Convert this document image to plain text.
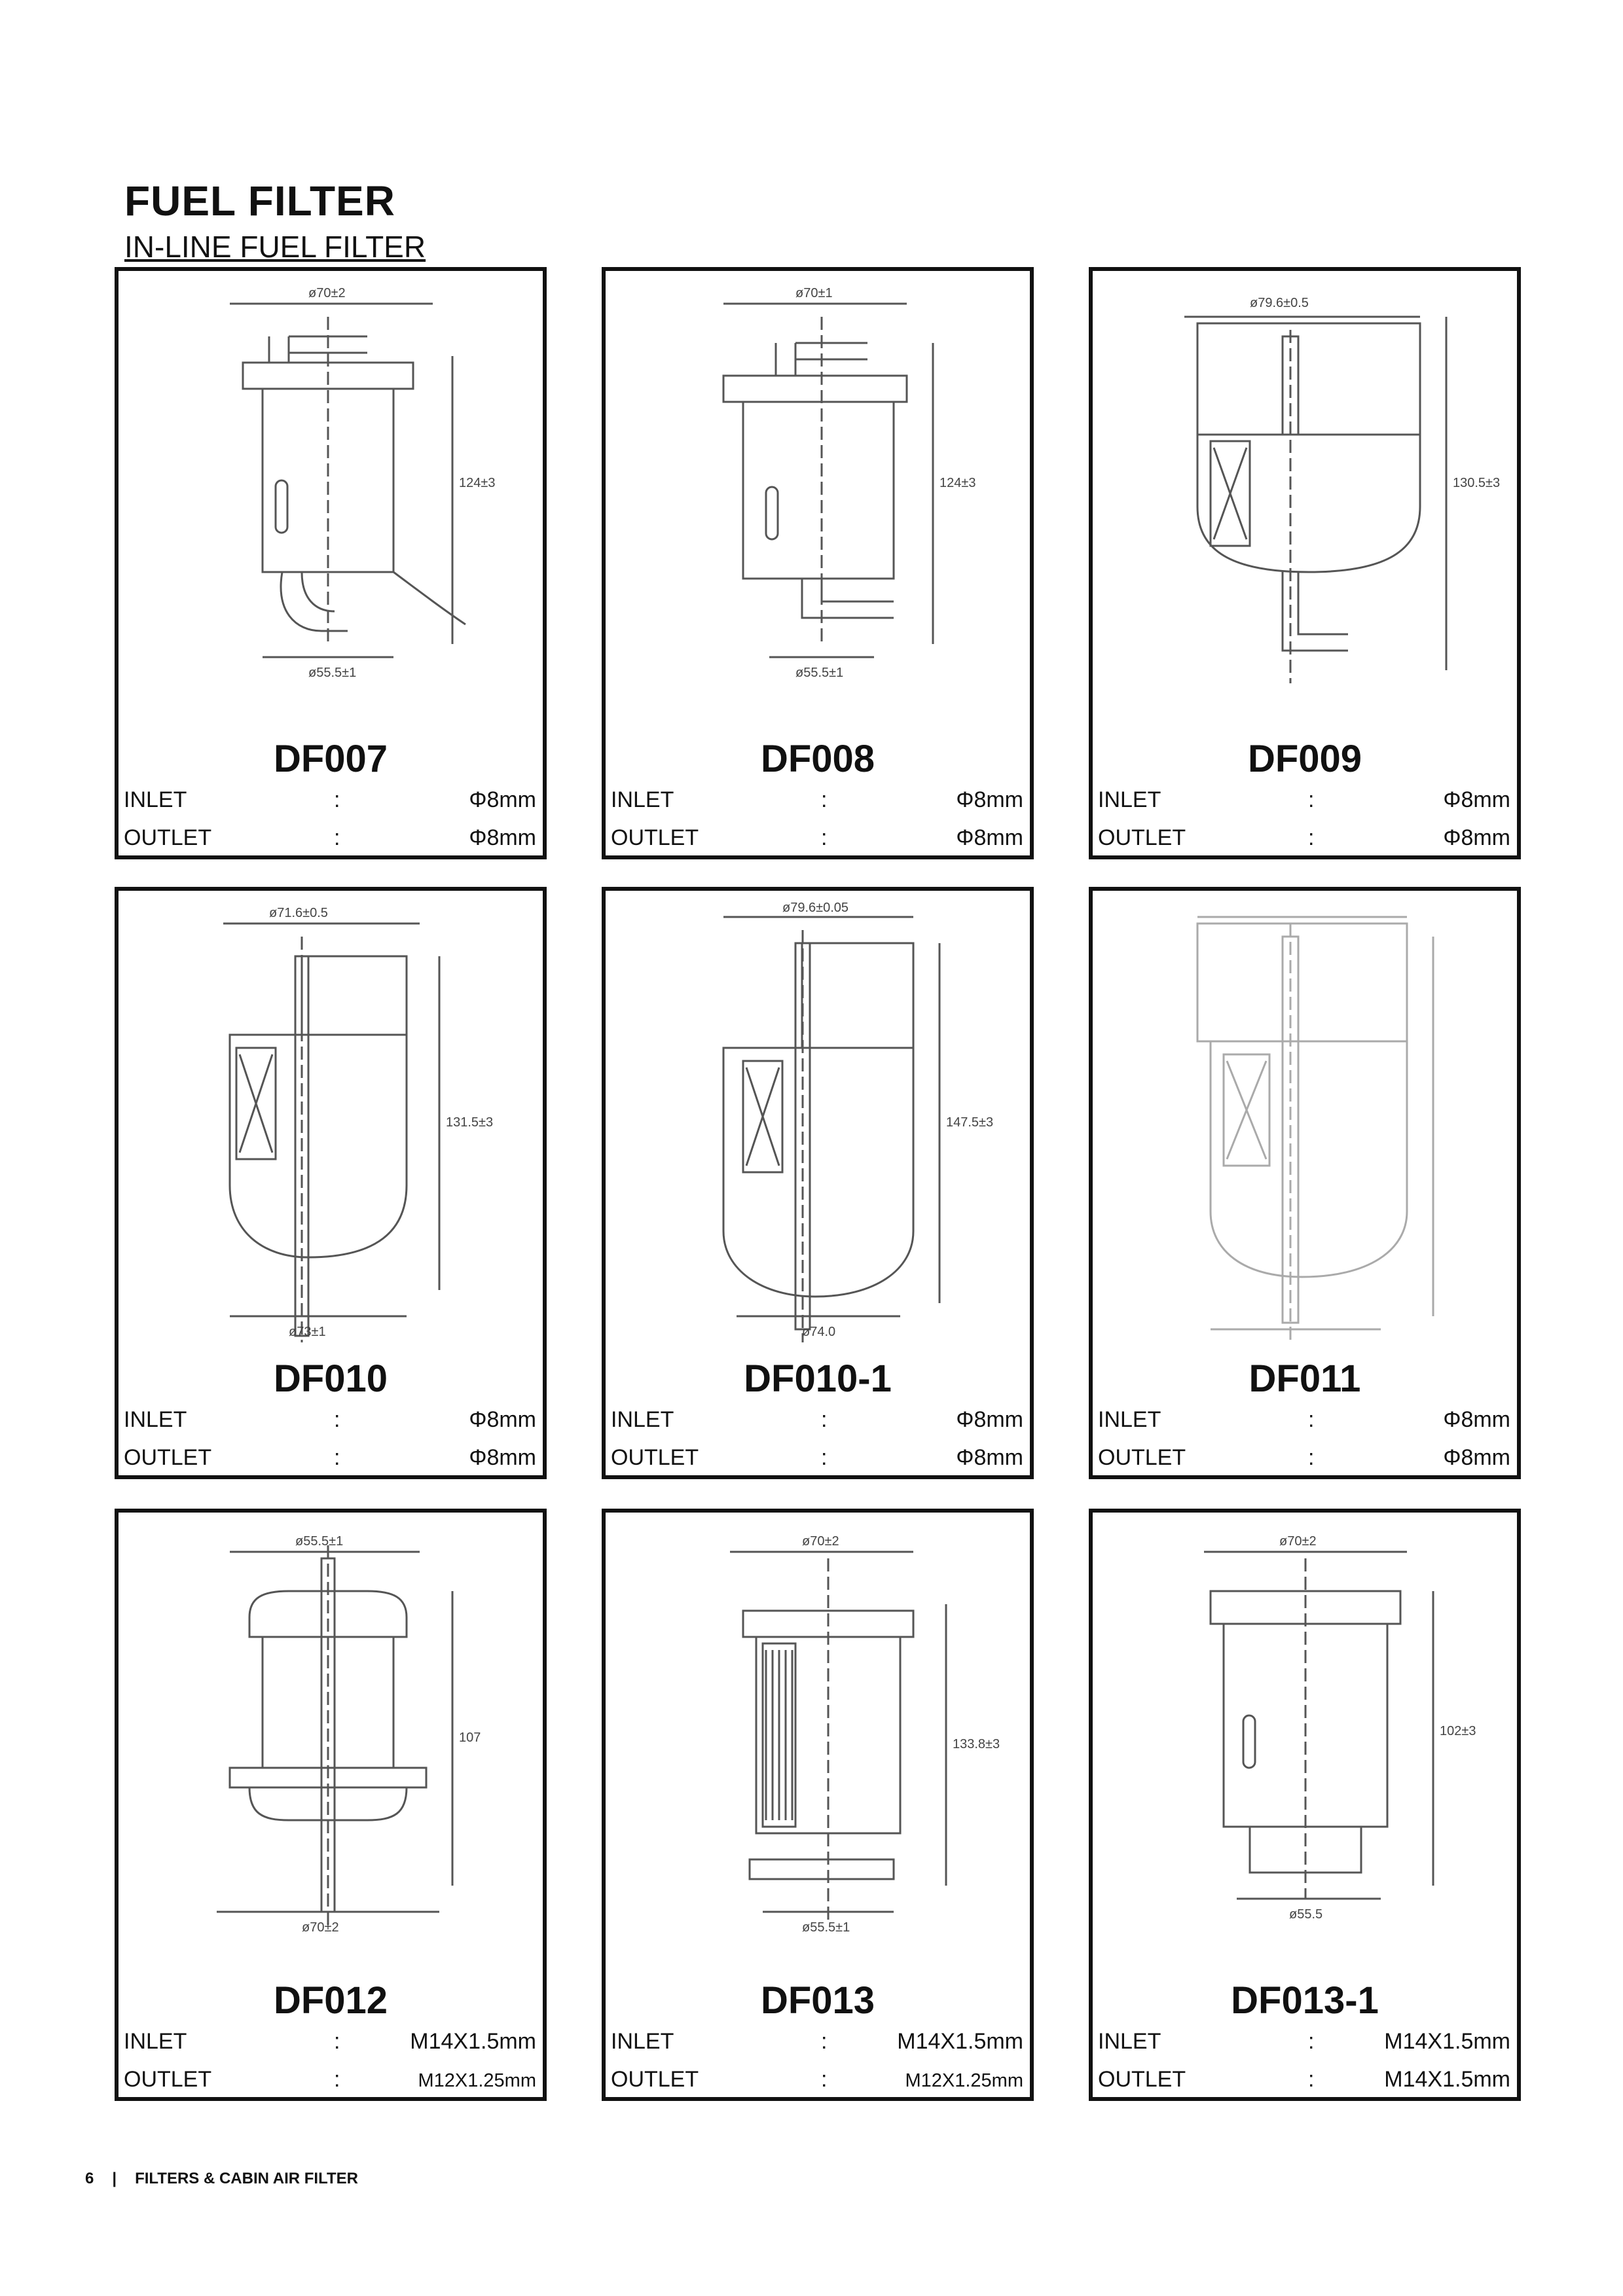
FUEL FILTER
IN-LINE FUEL FILTER
ø70±2
ø55.5±1
124±3
DF007
INLET	:	Φ8mm
OUTLET	:	Φ8mm
ø70±1
ø55.5±1
124±3
DF008
INLET	:	Φ8mm
OUTLET	:	Φ8mm
ø79.6±0.5
130.5±3
DF009
INLET	:	Φ8mm
OUTLET	:	Φ8mm
ø71.6±0.5
ø73±1
131.5±3
DF010
INLET	:	Φ8mm
OUTLET	:	Φ8mm
ø79.6±0.05
ø74.0
147.5±3
DF010-1
INLET	:	Φ8mm
OUTLET	:	Φ8mm
DF011
INLET	:	Φ8mm
OUTLET	:	Φ8mm
ø55.5±1
ø70±2
107
DF012
INLET	:	M14X1.5mm
OUTLET	:	M12X1.25mm
ø70±2
ø55.5±1
133.8±3
DF013
INLET	:	M14X1.5mm
OUTLET	:	M12X1.25mm
ø70±2
ø55.5
102±3
DF013-1
INLET	:	M14X1.5mm
OUTLET	:	M14X1.5mm
6 | FILTERS & CABIN AIR FILTER
